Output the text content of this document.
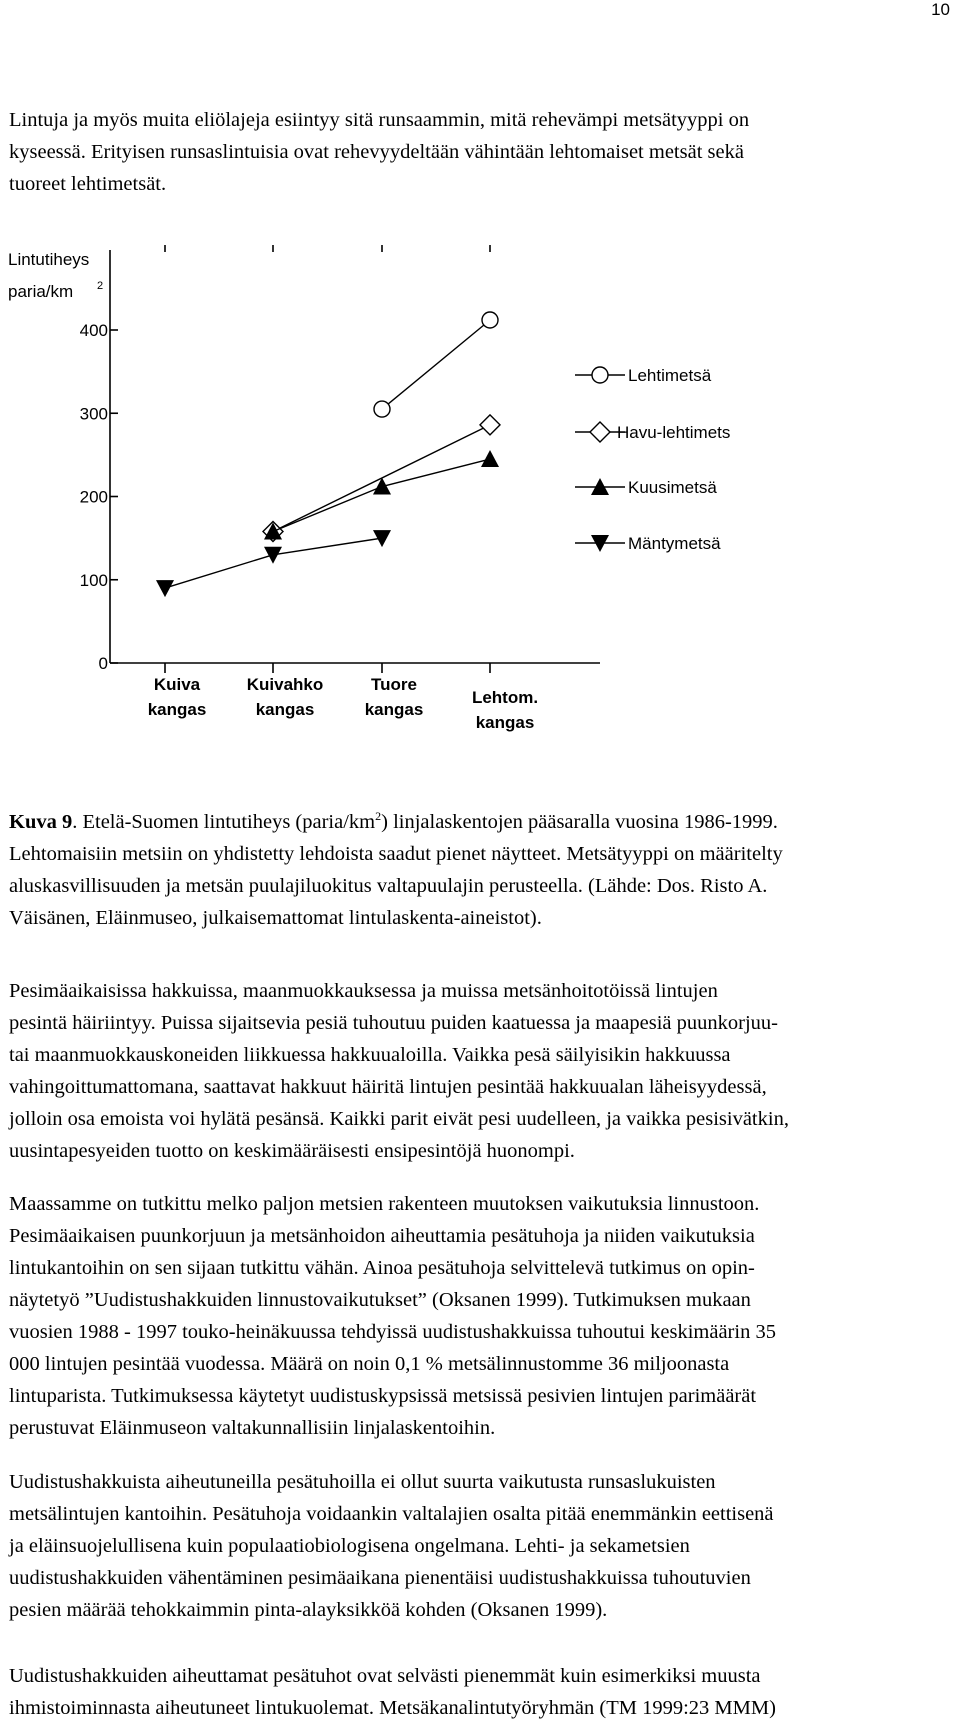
10

Lintuja ja myös muita eliölajeja esiintyy sitä runsaammin, mitä rehevämpi metsätyyppi on
kyseessä. Erityisen runsaslintuisia ovat rehevyydeltään vähintään lehtomaiset metsät sekä
tuoreet lehtimetsät.

0
100
200
300
400
Lintutiheys
paria/km 2
Kuiva
kangas
Kuivahko
kangas
Tuore
kangas
Lehtom.
kangas
Lehtimetsä
Havu-lehtimets
Kuusimetsä
Mäntymetsä

Kuva 9. Etelä-Suomen lintutiheys $(paria/km^2)$ linjalaskentojen pääsaralla vuosina 1986-1999.
Lehtomaisiin metsiin on yhdistetty lehdoista saadut pienet näytteet. Metsätyyppi on määritelty
aluskasvillisuuden ja metsän puulajiluokitus valtapuulajin perusteella. (Lähde: Dos. Risto A.
Väisänen, Eläinmuseo, julkaisemattomat lintulaskenta-aineistot).

Pesimäaikaisissa hakkuissa, maanmuokkauksessa ja muissa metsänhoitotöissä lintujen
pesintä häiriintyy. Puissa sijaitsevia pesiä tuhoutuu puiden kaatuessa ja maapesiä puunkorjuu-
tai maanmuokkauskoneiden liikkuessa hakkuualoilla. Vaikka pesä säilyisikin hakkuussa
vahingoittumattomana, saattavat hakkuut häiritä lintujen pesintää hakkuualan läheisyydessä,
jolloin osa emoista voi hylätä pesänsä. Kaikki parit eivät pesi uudelleen, ja vaikka pesisivätkin,
uusintapesyeiden tuotto on keskimääräisesti ensipesintöjä huonompi.

Maassamme on tutkittu melko paljon metsien rakenteen muutoksen vaikutuksia linnustoon.
Pesimäaikaisen puunkorjuun ja metsänhoidon aiheuttamia pesätuhoja ja niiden vaikutuksia
lintukantoihin on sen sijaan tutkittu vähän. Ainoa pesätuhoja selvittelevä tutkimus on opin-
näytetyö ”Uudistushakkuiden linnustovaikutukset” (Oksanen 1999). Tutkimuksen mukaan
vuosien 1988 - 1997 touko-heinäkuussa tehdyissä uudistushakkuissa tuhoutui keskimäärin 35
000 lintujen pesintää vuodessa. Määrä on noin 0,1 % metsälinnustomme 36 miljoonasta
lintuparista. Tutkimuksessa käytetyt uudistuskypsissä metsissä pesivien lintujen parimäärät
perustuvat Eläinmuseon valtakunnallisiin linjalaskentoihin.

Uudistushakkuista aiheutuneilla pesätuhoilla ei ollut suurta vaikutusta runsaslukuisten
metsälintujen kantoihin. Pesätuhoja voidaankin valtalajien osalta pitää enemmänkin eettisenä
ja eläinsuojelullisena kuin populaatiobiologisena ongelmana. Lehti- ja sekametsien
uudistushakkuiden vähentäminen pesimäaikana pienentäisi uudistushakkuissa tuhoutuvien
pesien määrää tehokkaimmin pinta-alayksikköä kohden (Oksanen 1999).

Uudistushakkuiden aiheuttamat pesätuhot ovat selvästi pienemmät kuin esimerkiksi muusta
ihmistoiminnasta aiheutuneet lintukuolemat. Metsäkanalintutyöryhmän (TM 1999:23 MMM)
